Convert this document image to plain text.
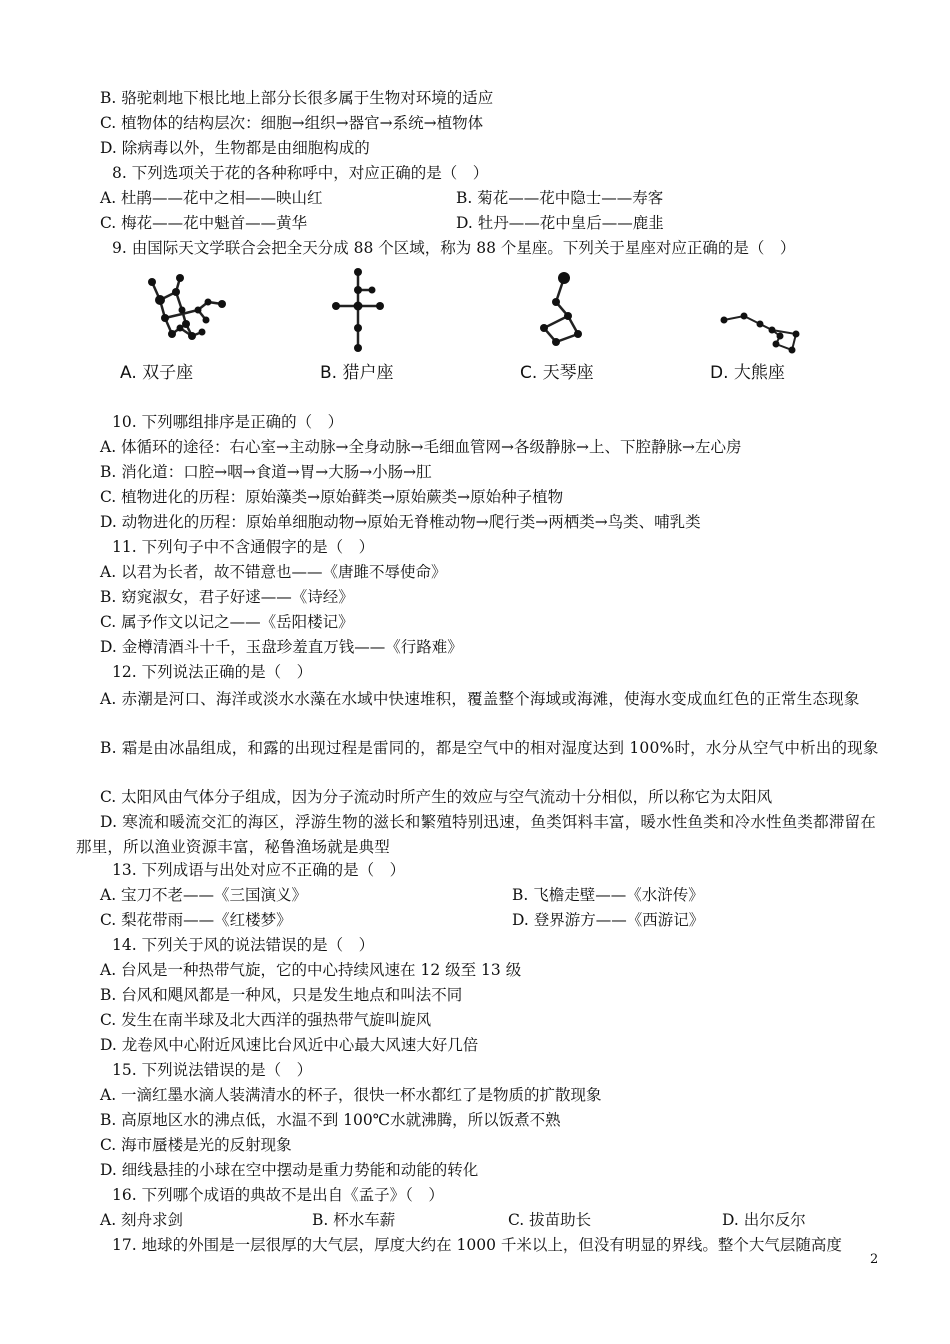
B. 骆驼刺地下根比地上部分长很多属于生物对环境的适应
C. 植物体的结构层次：细胞→组织→器官→系统→植物体
D. 除病毒以外，生物都是由细胞构成的
8. 下列选项关于花的各种称呼中，对应正确的是（　）
A. 杜鹃——花中之相——映山红	B. 菊花——花中隐士——寿客
C. 梅花——花中魁首——黄华	D. 牡丹——花中皇后——鹿韭
9. 由国际天文学联合会把全天分成 88 个区域，称为 88 个星座。下列关于星座对应正确的是（　）
A. 双子座	B. 猎户座	C. 天琴座	D. 大熊座
10. 下列哪组排序是正确的（　）
A. 体循环的途径：右心室→主动脉→全身动脉→毛细血管网→各级静脉→上、下腔静脉→左心房
B. 消化道：口腔→咽→食道→胃→大肠→小肠→肛
C. 植物进化的历程：原始藻类→原始藓类→原始蕨类→原始种子植物
D. 动物进化的历程：原始单细胞动物→原始无脊椎动物→爬行类→两栖类→鸟类、哺乳类
11. 下列句子中不含通假字的是（　）
A. 以君为长者，故不错意也——《唐雎不辱使命》
B. 窈窕淑女，君子好逑——《诗经》
C. 属予作文以记之——《岳阳楼记》
D. 金樽清酒斗十千，玉盘珍羞直万钱——《行路难》
12. 下列说法正确的是（　）
A. 赤潮是河口、海洋或淡水水藻在水域中快速堆积，覆盖整个海域或海滩，使海水变成血红色的正常生态现象
B. 霜是由冰晶组成，和露的出现过程是雷同的，都是空气中的相对湿度达到 100%时，水分从空气中析出的现象
C. 太阳风由气体分子组成，因为分子流动时所产生的效应与空气流动十分相似，所以称它为太阳风
D. 寒流和暖流交汇的海区，浮游生物的滋长和繁殖特别迅速，鱼类饵料丰富，暖水性鱼类和冷水性鱼类都滞留在那里，所以渔业资源丰富，秘鲁渔场就是典型
13. 下列成语与出处对应不正确的是（　）
A. 宝刀不老——《三国演义》	B. 飞檐走壁——《水浒传》
C. 梨花带雨——《红楼梦》	D. 登界游方——《西游记》
14. 下列关于风的说法错误的是（　）
A. 台风是一种热带气旋，它的中心持续风速在 12 级至 13 级
B. 台风和飓风都是一种风，只是发生地点和叫法不同
C. 发生在南半球及北大西洋的强热带气旋叫旋风
D. 龙卷风中心附近风速比台风近中心最大风速大好几倍
15. 下列说法错误的是（　）
A. 一滴红墨水滴人装满清水的杯子，很快一杯水都红了是物质的扩散现象
B. 高原地区水的沸点低，水温不到 100℃水就沸腾，所以饭煮不熟
C. 海市蜃楼是光的反射现象
D. 细线悬挂的小球在空中摆动是重力势能和动能的转化
16. 下列哪个成语的典故不是出自《孟子》（　）
A. 刻舟求剑	B. 杯水车薪	C. 拔苗助长	D. 出尔反尔
17. 地球的外围是一层很厚的大气层，厚度大约在 1000 千米以上，但没有明显的界线。整个大气层随高度
2
